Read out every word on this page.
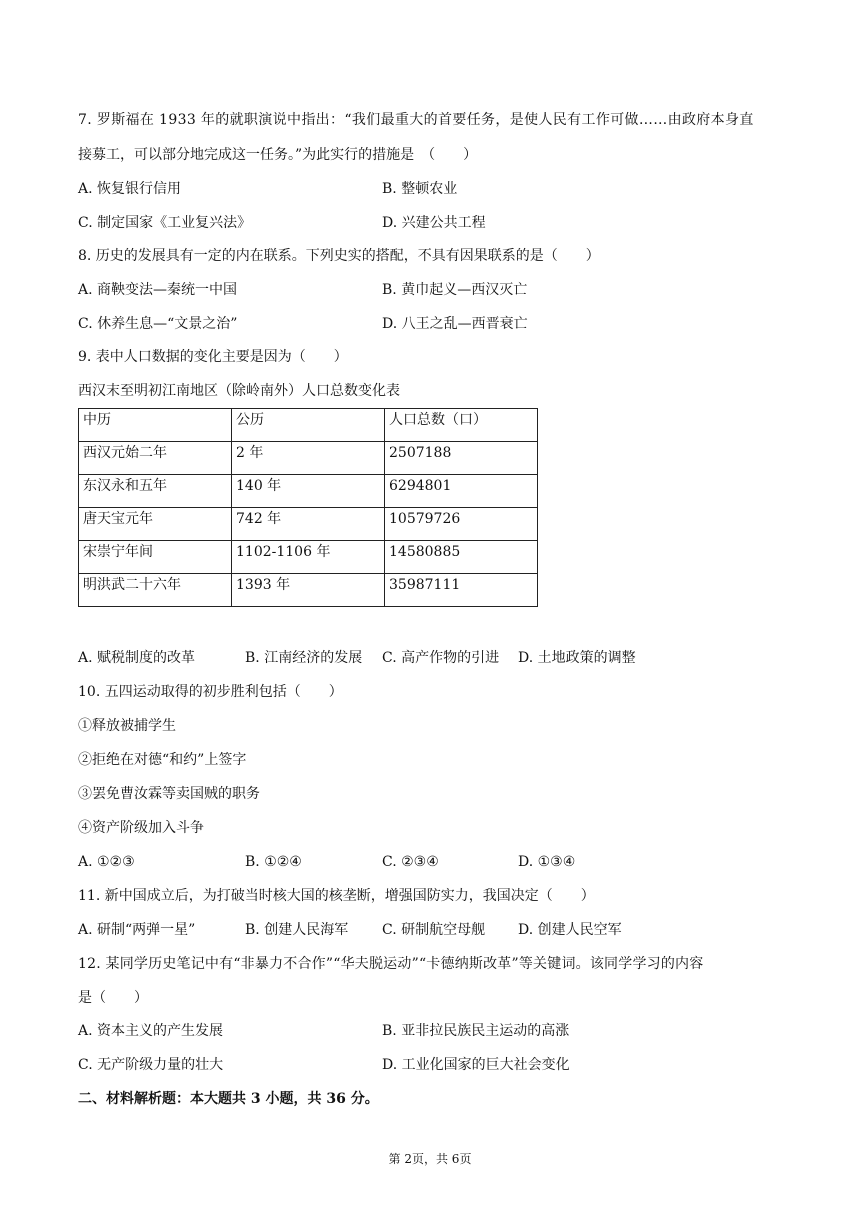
7. 罗斯福在 1933 年的就职演说中指出：“我们最重大的首要任务，是使人民有工作可做……由政府本身直
接募工，可以部分地完成这一任务。”为此实行的措施是　（　　）
A. 恢复银行信用	B. 整顿农业
C. 制定国家《工业复兴法》	D. 兴建公共工程
8. 历史的发展具有一定的内在联系。下列史实的搭配，不具有因果联系的是（　　）
A. 商鞅变法—秦统一中国	B. 黄巾起义—西汉灭亡
C. 休养生息—“文景之治”	D. 八王之乱—西晋衰亡
9. 表中人口数据的变化主要是因为（　　）
西汉末至明初江南地区（除岭南外）人口总数变化表
中历	公历	人口总数（口）
西汉元始二年	2 年	2507188
东汉永和五年	140 年	6294801
唐天宝元年	742 年	10579726
宋崇宁年间	1102-1106 年	14580885
明洪武二十六年	1393 年	35987111
A. 赋税制度的改革	B. 江南经济的发展 C. 高产作物的引进 D. 土地政策的调整
10. 五四运动取得的初步胜利包括（　　）
①释放被捕学生
②拒绝在对德“和约”上签字
③罢免曹汝霖等卖国贼的职务
④资产阶级加入斗争
A. ①②③	B. ①②④	C. ②③④	D. ①③④
11. 新中国成立后，为打破当时核大国的核垄断，增强国防实力，我国决定（　　）
A. 研制“两弹一星”	B. 创建人民海军 C. 研制航空母舰 D. 创建人民空军
12. 某同学历史笔记中有“非暴力不合作”“华夫脱运动”“卡德纳斯改革”等关键词。该同学学习的内容
是（　　）
A. 资本主义的产生发展	B. 亚非拉民族民主运动的高涨
C. 无产阶级力量的壮大	D. 工业化国家的巨大社会变化
二、材料解析题：本大题共 3 小题，共 36 分。
第 2页，共 6页
